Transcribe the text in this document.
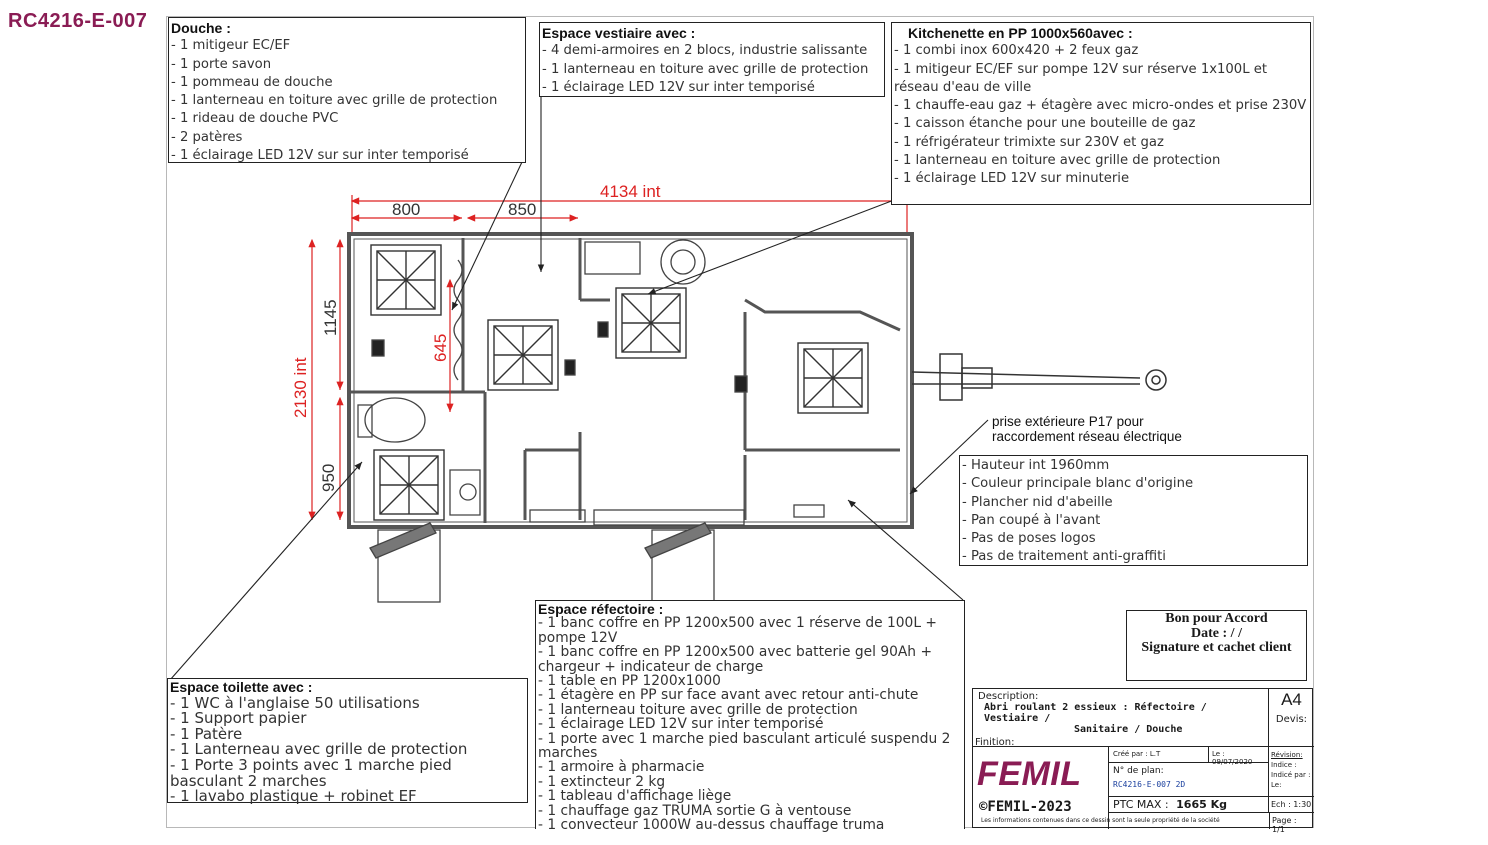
RC4216-E-007
800	850
4134 int
1145
645
2130 int
950
Douche :
- 1 mitigeur EC/EF
- 1 porte savon
- 1 pommeau de douche
- 1 lanterneau en toiture avec grille de protection
- 1 rideau de douche PVC
- 2 patères
- 1 éclairage LED 12V sur sur inter temporisé
Espace vestiaire avec :
- 4 demi-armoires en 2 blocs, industrie salissante
- 1 lanterneau en toiture avec grille de protection
- 1 éclairage LED 12V sur inter temporisé
Kitchenette en PP 1000x560avec :
- 1 combi inox 600x420 + 2 feux gaz
- 1 mitigeur EC/EF sur pompe 12V sur réserve 1x100L et réseau d'eau de ville
- 1 chauffe-eau gaz + étagère avec micro-ondes et prise 230V
- 1 caisson étanche pour une bouteille de gaz
- 1 réfrigérateur trimixte sur 230V et gaz
- 1 lanterneau en toiture avec grille de protection
- 1 éclairage LED 12V sur minuterie
prise extérieure P17 pour
raccordement réseau électrique
- Hauteur int 1960mm
- Couleur principale blanc d'origine
- Plancher nid d'abeille
- Pan coupé à l'avant
- Pas de poses logos
- Pas de traitement anti-graffiti
Espace réfectoire :
- 1 banc coffre en PP 1200x500 avec 1 réserve de 100L + pompe 12V
- 1 banc coffre en PP 1200x500 avec batterie gel 90Ah + chargeur + indicateur de charge
- 1 table en PP 1200x1000
- 1 étagère en PP sur face avant avec retour anti-chute
- 1 lanterneau toiture avec grille de protection
- 1 éclairage LED 12V sur inter temporisé
- 1 porte avec 1 marche pied basculant articulé suspendu 2 marches
- 1 armoire à pharmacie
- 1 extincteur 2 kg
- 1 tableau d'affichage liège
- 1 chauffage gaz TRUMA sortie G à ventouse
- 1 convecteur 1000W au-dessus chauffage truma
Espace toilette avec :
- 1 WC à l'anglaise 50 utilisations
- 1 Support papier
- 1 Patère
- 1 Lanterneau avec grille de protection
- 1 Porte 3 points avec 1 marche pied basculant 2 marches
- 1 lavabo plastique + robinet EF
Bon pour Accord
Date : / /
Signature et cachet client
Description:
Abri roulant 2 essieux : Réfectoire / Vestiaire /
Sanitaire / Douche
A4
Devis:
Finition:
FEMIL
©FEMIL-2023
Créé par : L.T	Le : 09/07/2020
Révision:
Indice :
Indicé par :
Le:
N° de plan:
RC4216-E-007 2D
PTC MAX : 1665 Kg	Ech : 1:30
Les informations contenues dans ce dessin sont la seule propriété de la société	Page : 1/1
